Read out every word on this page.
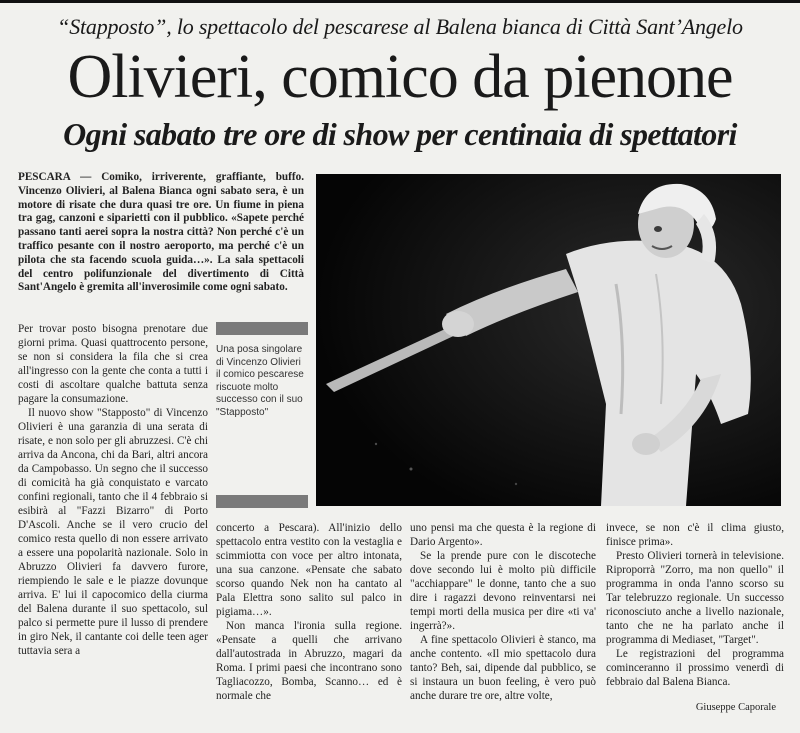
“Stapposto”, lo spettacolo del pescarese al Balena bianca di Città Sant’Angelo
Olivieri, comico da pienone
Ogni sabato tre ore di show per centinaia di spettatori
PESCARA — Comiko, irriverente, graffiante, buffo. Vincenzo Olivieri, al Balena Bianca ogni sabato sera, è un motore di risate che dura quasi tre ore. Un fiume in piena tra gag, canzoni e siparietti con il pubblico. «Sapete perché passano tanti aerei sopra la nostra città? Non perché c'è un traffico pesante con il nostro aeroporto, ma perché c'è un pilota che sta facendo scuola guida…». La sala spettacoli del centro polifunzionale del divertimento di Città Sant'Angelo è gremita all'inverosimile come ogni sabato.

Per trovar posto bisogna prenotare due giorni prima. Quasi quattrocento persone, se non si considera la fila che si crea all'ingresso con la gente che conta a tutti i costi di ascoltare qualche battuta senza pagare la consumazione.

Il nuovo show "Stapposto" di Vincenzo Olivieri è una garanzia di una serata di risate, e non solo per gli abruzzesi. C'è chi arriva da Ancona, chi da Bari, altri ancora da Campobasso. Un segno che il successo di comicità ha già conquistato e varcato confini regionali, tanto che il 4 febbraio si esibirà al "Fazzi Bizarro" di Porto D'Ascoli. Anche se il vero crucio del comico resta quello di non essere arrivato a essere una popolarità nazionale. Solo in Abruzzo Olivieri fa davvero furore, riempiendo le sale e le piazze dovunque arriva. E' lui il capocomico della ciurma del Balena durante il suo spettacolo, sul palco si permette pure il lusso di prendere in giro Nek, il cantante coi delle teen ager tuttavia sera a

Una posa singolare di Vincenzo Olivieri il comico pescarese riscuote molto successo con il suo "Stapposto"

concerto a Pescara). All'inizio dello spettacolo entra vestito con la vestaglia e scimmiotta con voce per altro intonata, una sua canzone. «Pensate che sabato scorso quando Nek non ha cantato al Pala Elettra sono salito sul palco in pigiama…».

Non manca l'ironia sulla regione. «Pensate a quelli che arrivano dall'autostrada in Abruzzo, magari da Roma. I primi paesi che incontrano sono Tagliacozzo, Bomba, Scanno… ed è normale che

uno pensi ma che questa è la regione di Dario Argento».

Se la prende pure con le discoteche dove secondo lui è molto più difficile "acchiappare" le donne, tanto che a suo dire i ragazzi devono reinventarsi nei tempi morti della musica per dire «ti va' ingerrà?».

A fine spettacolo Olivieri è stanco, ma anche contento. «Il mio spettacolo dura tanto? Beh, sai, dipende dal pubblico, se si instaura un buon feeling, è vero può anche durare tre ore, altre volte,

invece, se non c'è il clima giusto, finisce prima».

Presto Olivieri tornerà in televisione. Riproporrà "Zorro, ma non quello" il programma in onda l'anno scorso su Tar telebruzzo regionale. Un successo riconosciuto anche a livello nazionale, tanto che ne ha parlato anche il programma di Mediaset, "Target".

Le registrazioni del programma cominceranno il prossimo venerdì di febbraio dal Balena Bianca.

Giuseppe Caporale
